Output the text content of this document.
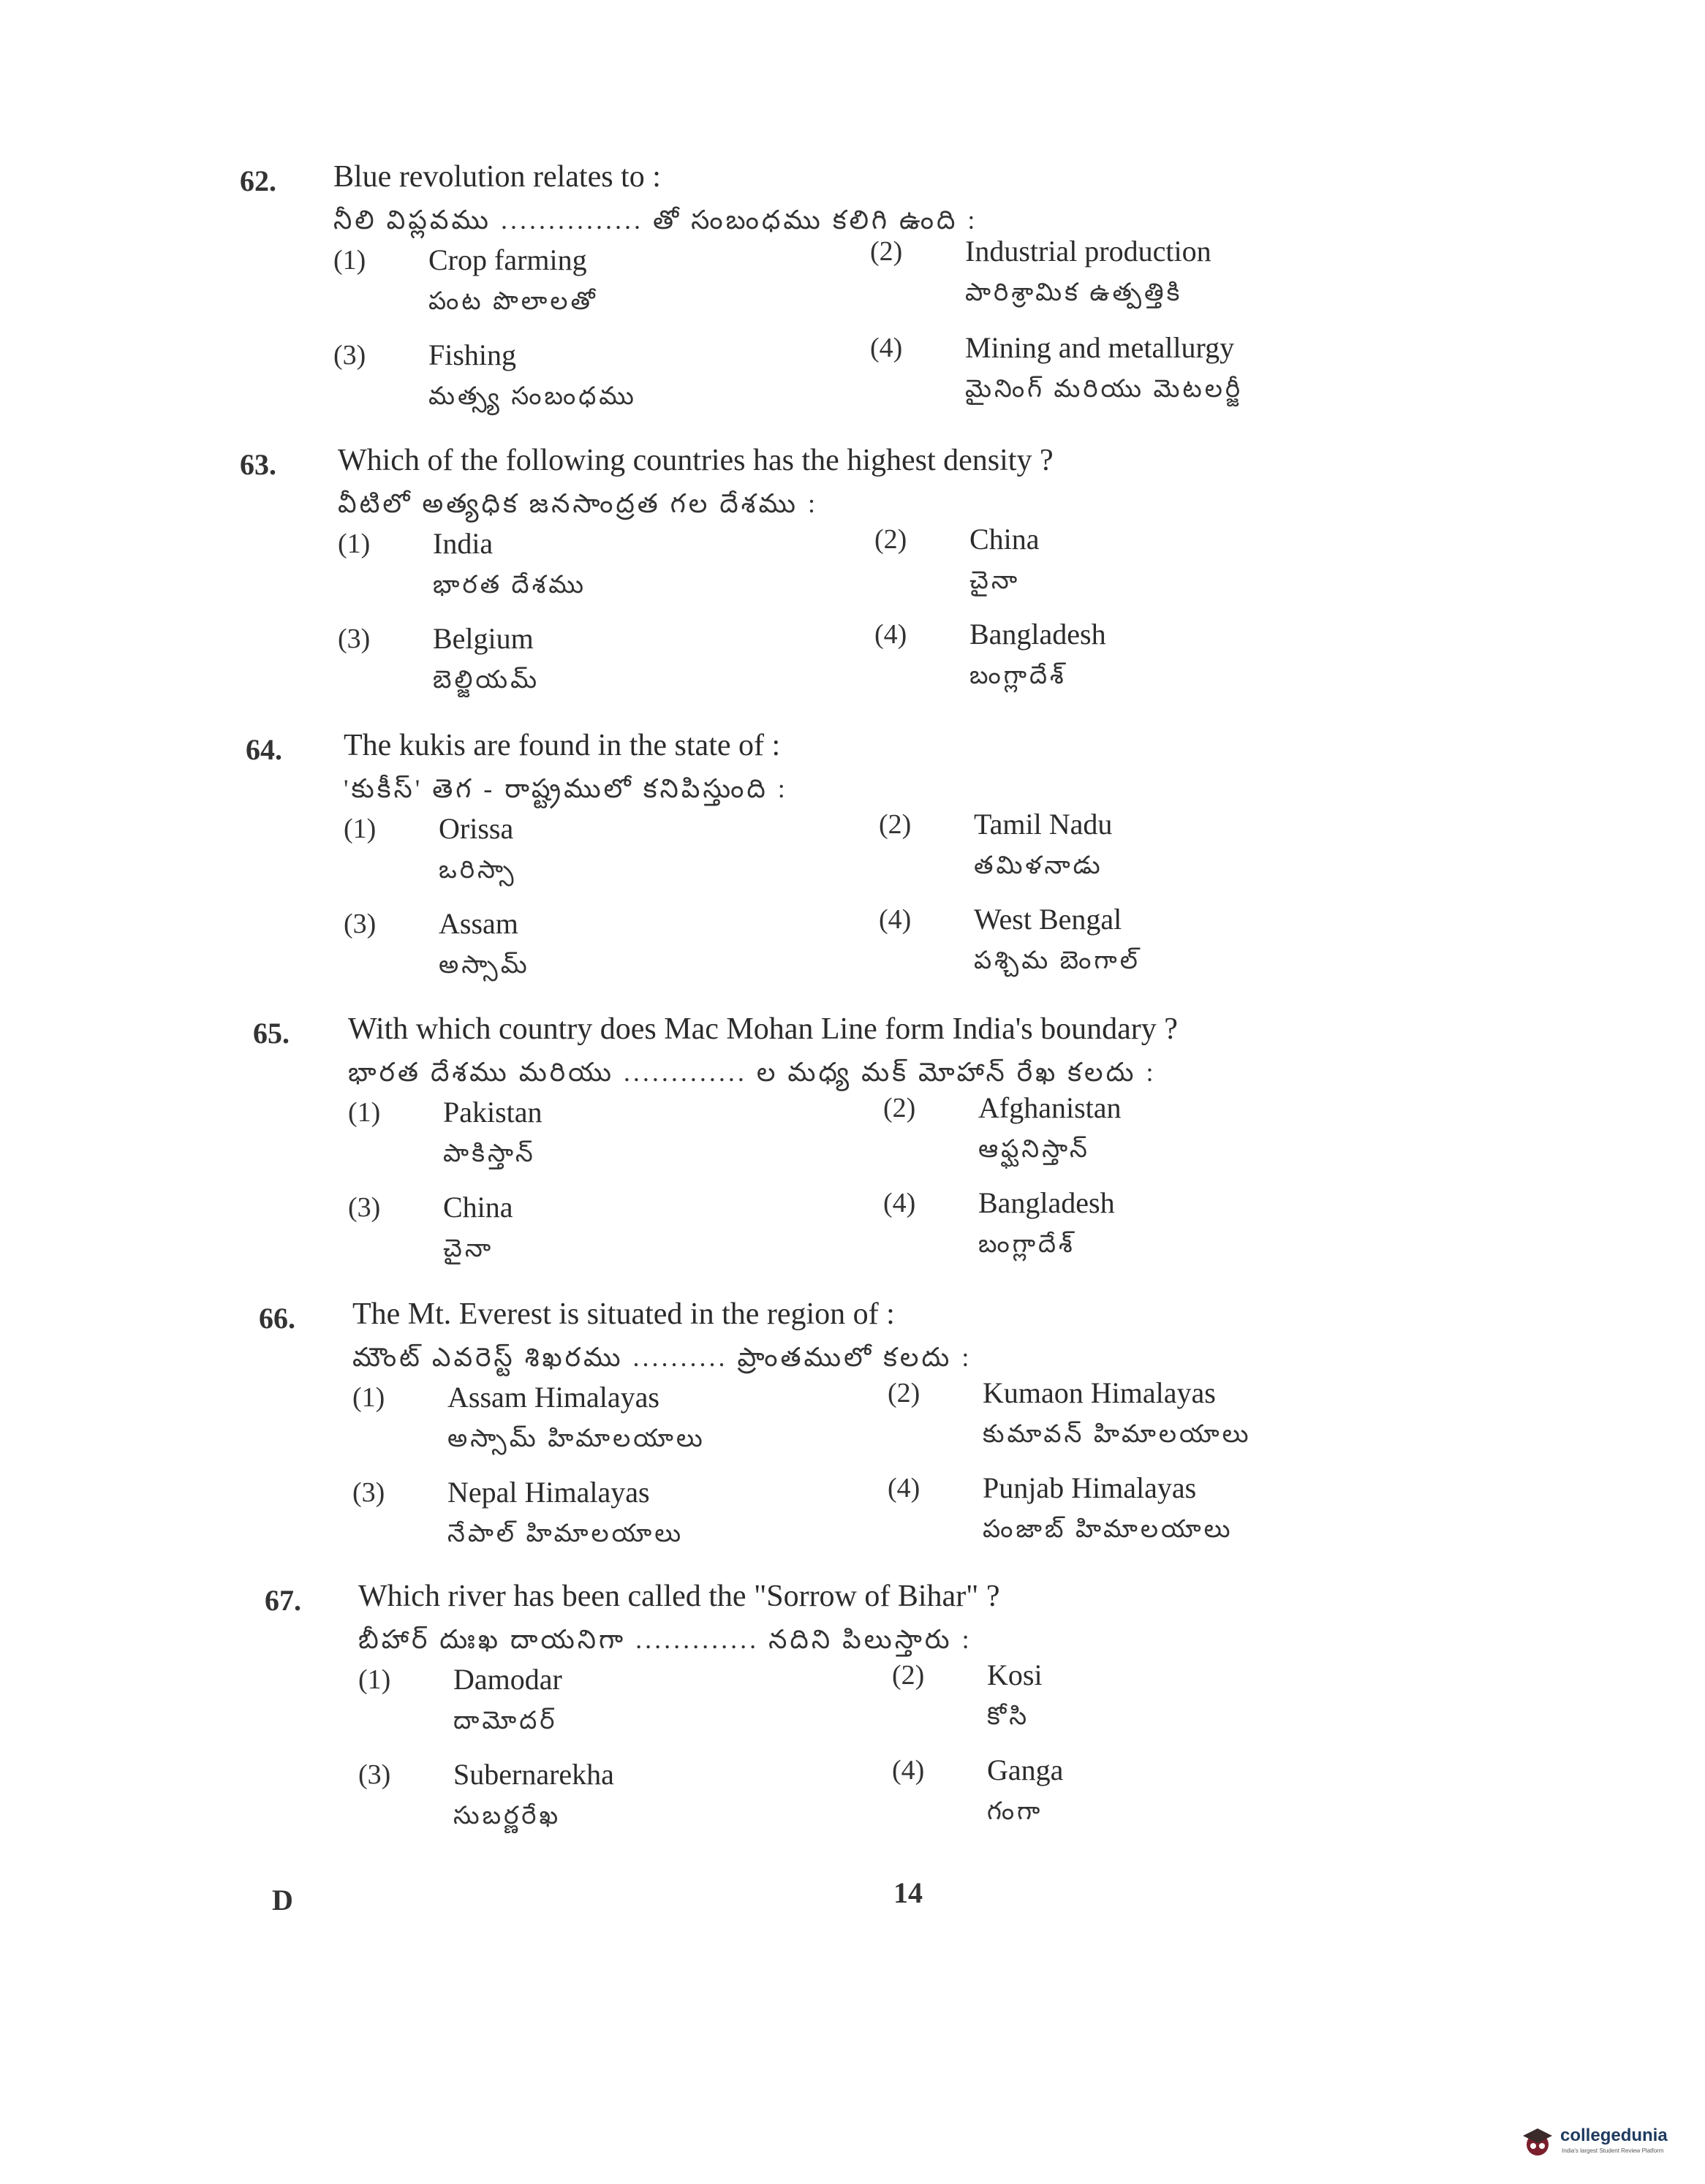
62. Blue revolution relates to :
నీలి విప్లవము ............... తో సంబంధము కలిగి ఉంది :
(1) Crop farming
పంట పొలాలతో
(2) Industrial production
పారిశ్రామిక ఉత్పత్తికి
(3) Fishing
మత్స్య సంబంధము
(4) Mining and metallurgy
మైనింగ్ మరియు మెటలర్జీ
63. Which of the following countries has the highest density ?
వీటిలో అత్యధిక జనసాంద్రత గల దేశము :
(1) India
భారత దేశము
(2) China
చైనా
(3) Belgium
బెల్జియమ్
(4) Bangladesh
బంగ్లాదేశ్
64. The kukis are found in the state of :
'కుకీస్' తెగ - రాష్ట్రములో కనిపిస్తుంది :
(1) Orissa
ఒరిస్సా
(2) Tamil Nadu
తమిళనాడు
(3) Assam
అస్సామ్
(4) West Bengal
పశ్చిమ బెంగాల్
65. With which country does Mac Mohan Line form India's boundary ?
భారత దేశము మరియు ............. ల మధ్య మక్ మోహాన్ రేఖ కలదు :
(1) Pakistan
పాకిస్తాన్
(2) Afghanistan
ఆఫ్ఘనిస్తాన్
(3) China
చైనా
(4) Bangladesh
బంగ్లాదేశ్
66. The Mt. Everest is situated in the region of :
మౌంట్ ఎవరెస్ట్ శిఖరము .......... ప్రాంతములో కలదు :
(1) Assam Himalayas
అస్సామ్ హిమాలయాలు
(2) Kumaon Himalayas
కుమావన్ హిమాలయాలు
(3) Nepal Himalayas
నేపాల్ హిమాలయాలు
(4) Punjab Himalayas
పంజాబ్ హిమాలయాలు
67. Which river has been called the "Sorrow of Bihar" ?
బీహార్ దుఃఖ దాయనిగా ............. నదిని పిలుస్తారు :
(1) Damodar
దామోదర్
(2) Kosi
కోసి
(3) Subernarekha
సుబర్ణరేఖ
(4) Ganga
గంగా
D	14
collegedunia
India's largest Student Review Platform
